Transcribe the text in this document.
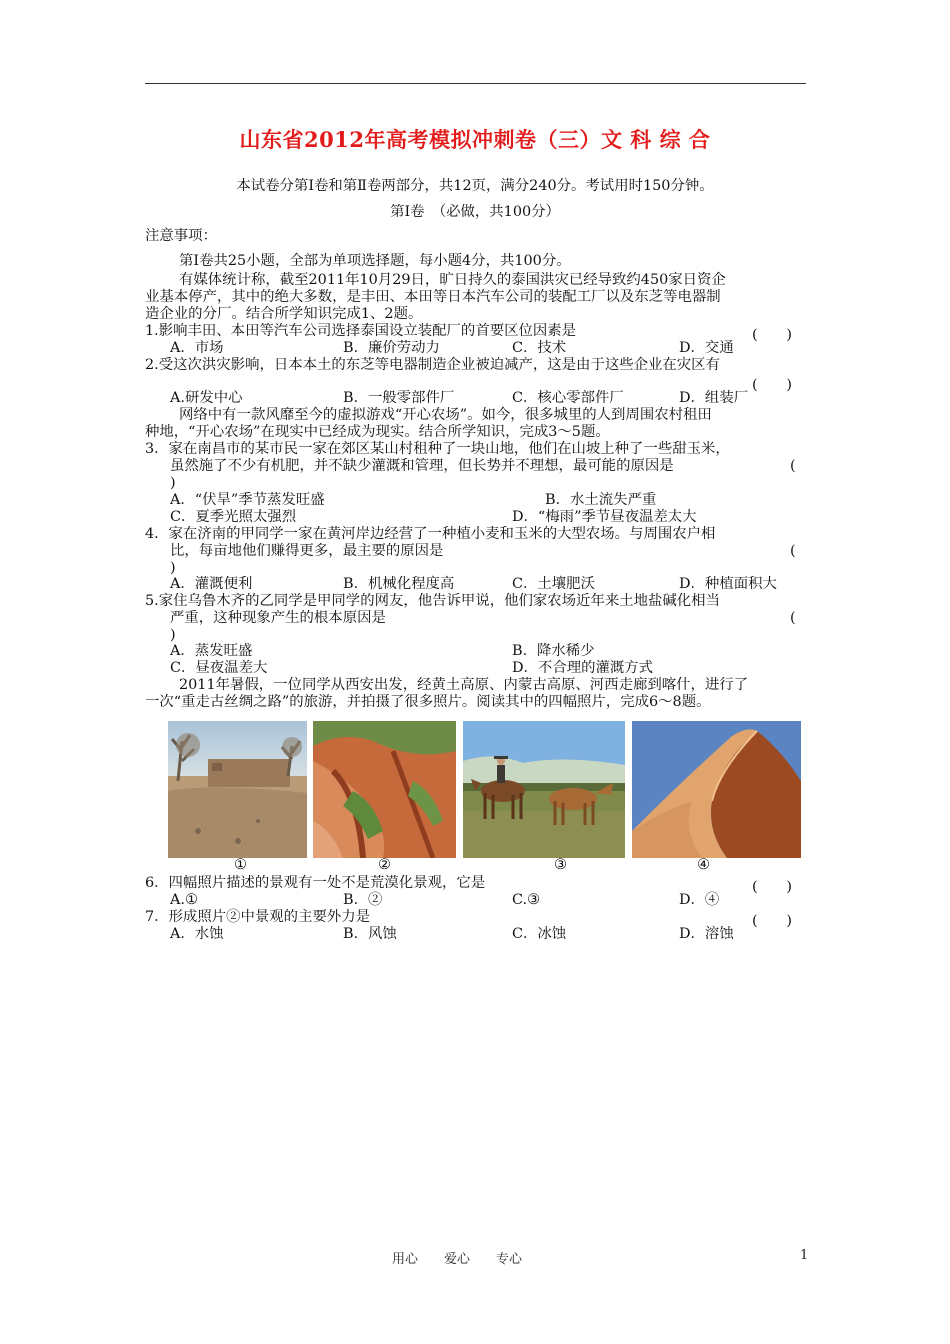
山东省2012年高考模拟冲刺卷（三）文 科 综 合
本试卷分第Ⅰ卷和第Ⅱ卷两部分，共12页，满分240分。考试用时150分钟。
第Ⅰ卷　（必做，共100分）
注意事项：
第Ⅰ卷共25小题，全部为单项选择题，每小题4分，共100分。
有媒体统计称，截至2011年10月29日，旷日持久的泰国洪灾已经导致约450家日资企
业基本停产，其中的绝大多数，是丰田、本田等日本汽车公司的装配工厂以及东芝等电器制
造企业的分厂。结合所学知识完成1、2题。
1.影响丰田、本田等汽车公司选择泰国设立装配厂的首要区位因素是	(　　)
A．市场	B．廉价劳动力	C．技术	D．交通
2.受这次洪灾影响，日本本土的东芝等电器制造企业被迫减产，这是由于这些企业在灾区有
(　　)
A.研发中心	B．一般零部件厂	C．核心零部件厂	D．组装厂
网络中有一款风靡至今的虚拟游戏“开心农场”。如今，很多城里的人到周围农村租田
种地，“开心农场”在现实中已经成为现实。结合所学知识，完成3～5题。
3．家在南昌市的某市民一家在郊区某山村租种了一块山地，他们在山坡上种了一些甜玉米，
虽然施了不少有机肥，并不缺少灌溉和管理，但长势并不理想，最可能的原因是	(
)
A．“伏旱”季节蒸发旺盛	B．水土流失严重
C．夏季光照太强烈	D．“梅雨”季节昼夜温差太大
4．家在济南的甲同学一家在黄河岸边经营了一种植小麦和玉米的大型农场。与周围农户相
比，每亩地他们赚得更多，最主要的原因是	(
)
A．灌溉便利	B．机械化程度高	C．土壤肥沃	D．种植面积大
5.家住乌鲁木齐的乙同学是甲同学的网友，他告诉甲说，他们家农场近年来土地盐碱化相当
严重，这种现象产生的根本原因是	(
)
A．蒸发旺盛	B．降水稀少
C．昼夜温差大	D．不合理的灌溉方式
2011年暑假，一位同学从西安出发，经黄土高原、内蒙古高原、河西走廊到喀什，进行了
一次“重走古丝绸之路”的旅游，并拍摄了很多照片。阅读其中的四幅照片，完成6～8题。
①	②	③	④
6．四幅照片描述的景观有一处不是荒漠化景观，它是	(　　)
A.①	B．②	C.③	D．④
7．形成照片②中景观的主要外力是	(　　)
A．水蚀	B．风蚀	C．冰蚀	D．溶蚀
用心　　爱心　　专心	1
